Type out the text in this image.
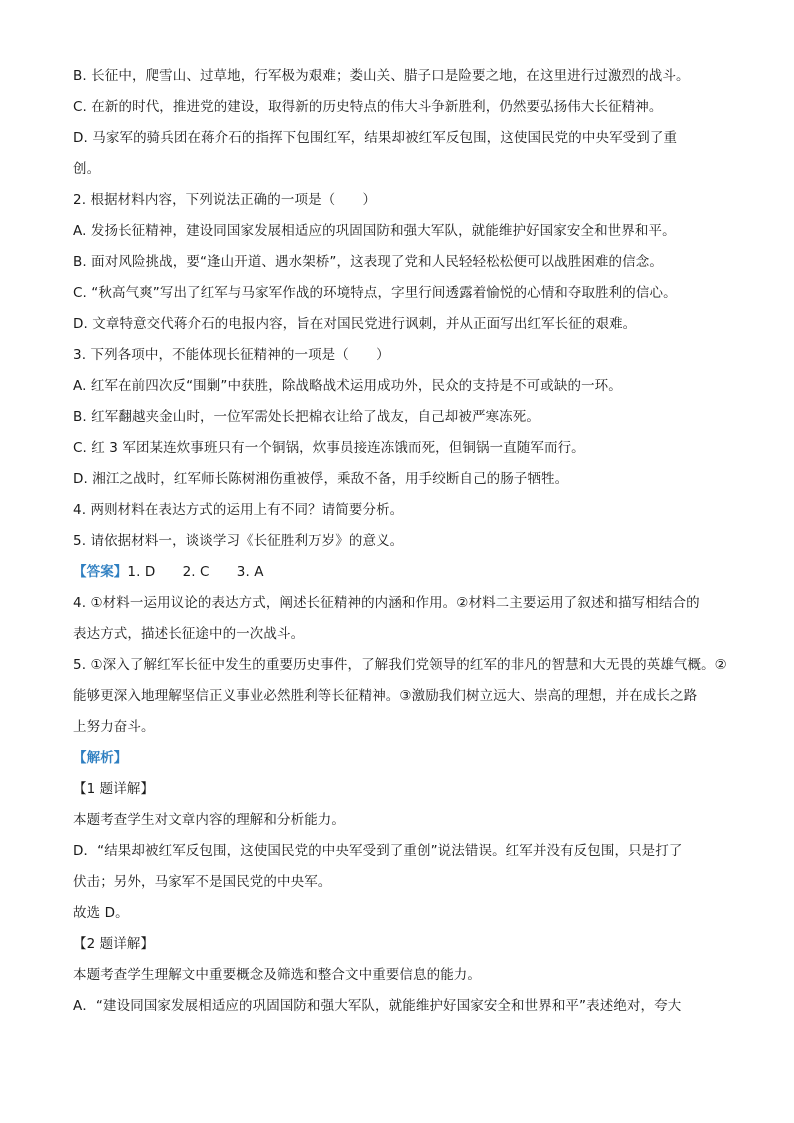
B. 长征中，爬雪山、过草地，行军极为艰难；娄山关、腊子口是险要之地，在这里进行过激烈的战斗。
C. 在新的时代，推进党的建设，取得新的历史特点的伟大斗争新胜利，仍然要弘扬伟大长征精神。
D. 马家军的骑兵团在蒋介石的指挥下包围红军，结果却被红军反包围，这使国民党的中央军受到了重
创。
2. 根据材料内容，下列说法正确的一项是（　　）
A. 发扬长征精神，建设同国家发展相适应的巩固国防和强大军队，就能维护好国家安全和世界和平。
B. 面对风险挑战，要“逢山开道、遇水架桥”，这表现了党和人民轻轻松松便可以战胜困难的信念。
C. “秋高气爽”写出了红军与马家军作战的环境特点，字里行间透露着愉悦的心情和夺取胜利的信心。
D. 文章特意交代蒋介石的电报内容，旨在对国民党进行讽刺，并从正面写出红军长征的艰难。
3. 下列各项中，不能体现长征精神的一项是（　　）
A. 红军在前四次反“围剿”中获胜，除战略战术运用成功外，民众的支持是不可或缺的一环。
B. 红军翻越夹金山时，一位军需处长把棉衣让给了战友，自己却被严寒冻死。
C. 红 3 军团某连炊事班只有一个铜锅，炊事员接连冻饿而死，但铜锅一直随军而行。
D. 湘江之战时，红军师长陈树湘伤重被俘，乘敌不备，用手绞断自己的肠子牺牲。
4. 两则材料在表达方式的运用上有不同？请简要分析。
5. 请依据材料一，谈谈学习《长征胜利万岁》的意义。
【答案】1. D　　2. C　　3. A
4. ①材料一运用议论的表达方式，阐述长征精神的内涵和作用。②材料二主要运用了叙述和描写相结合的
表达方式，描述长征途中的一次战斗。
5. ①深入了解红军长征中发生的重要历史事件，了解我们党领导的红军的非凡的智慧和大无畏的英雄气概。②
能够更深入地理解坚信正义事业必然胜利等长征精神。③激励我们树立远大、崇高的理想，并在成长之路
上努力奋斗。
【解析】
【1 题详解】
本题考查学生对文章内容的理解和分析能力。
D．“结果却被红军反包围，这使国民党的中央军受到了重创”说法错误。红军并没有反包围，只是打了
伏击；另外，马家军不是国民党的中央军。
故选 D。
【2 题详解】
本题考查学生理解文中重要概念及筛选和整合文中重要信息的能力。
A．“建设同国家发展相适应的巩固国防和强大军队，就能维护好国家安全和世界和平”表述绝对，夸大
